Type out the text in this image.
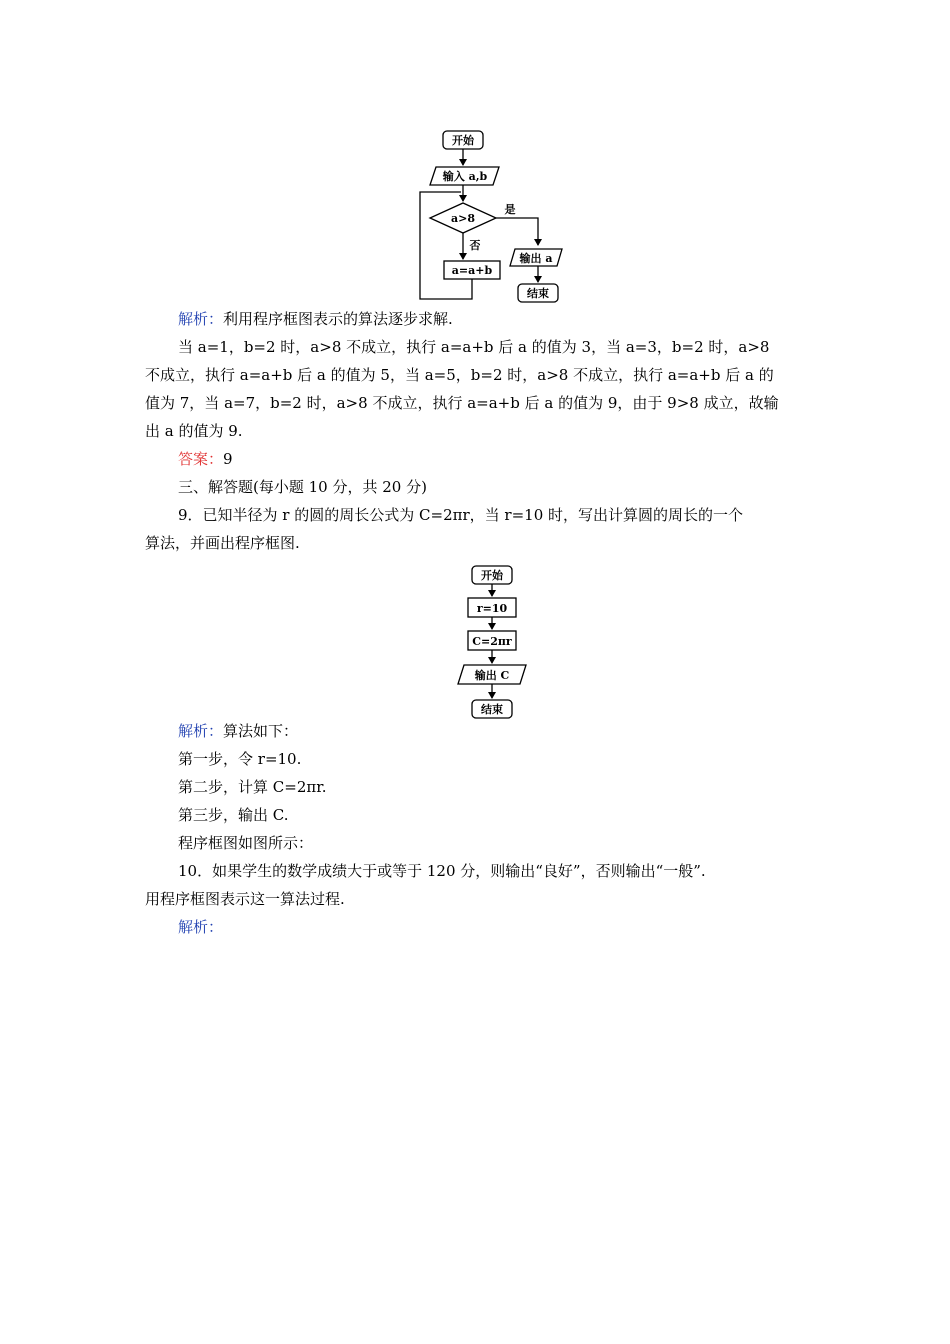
开始
输入 a,b
a>8
是
否
a=a+b
输出 a
结束
解析：利用程序框图表示的算法逐步求解.
当 a=1，b=2 时，a>8 不成立，执行 a=a+b 后 a 的值为 3，当 a=3，b=2 时，a>8
不成立，执行 a=a+b 后 a 的值为 5，当 a=5，b=2 时，a>8 不成立，执行 a=a+b 后 a 的
值为 7，当 a=7，b=2 时，a>8 不成立，执行 a=a+b 后 a 的值为 9，由于 9>8 成立，故输
出 a 的值为 9.
答案：9
三、解答题(每小题 10 分，共 20 分)
9．已知半径为 r 的圆的周长公式为 C=2πr，当 r=10 时，写出计算圆的周长的一个
算法，并画出程序框图.
开始
r=10
C=2πr
输出 C
结束
解析：算法如下：
第一步，令 r=10.
第二步，计算 C=2πr.
第三步，输出 C.
程序框图如图所示：
10．如果学生的数学成绩大于或等于 120 分，则输出“良好”，否则输出“一般”.
用程序框图表示这一算法过程.
解析：
